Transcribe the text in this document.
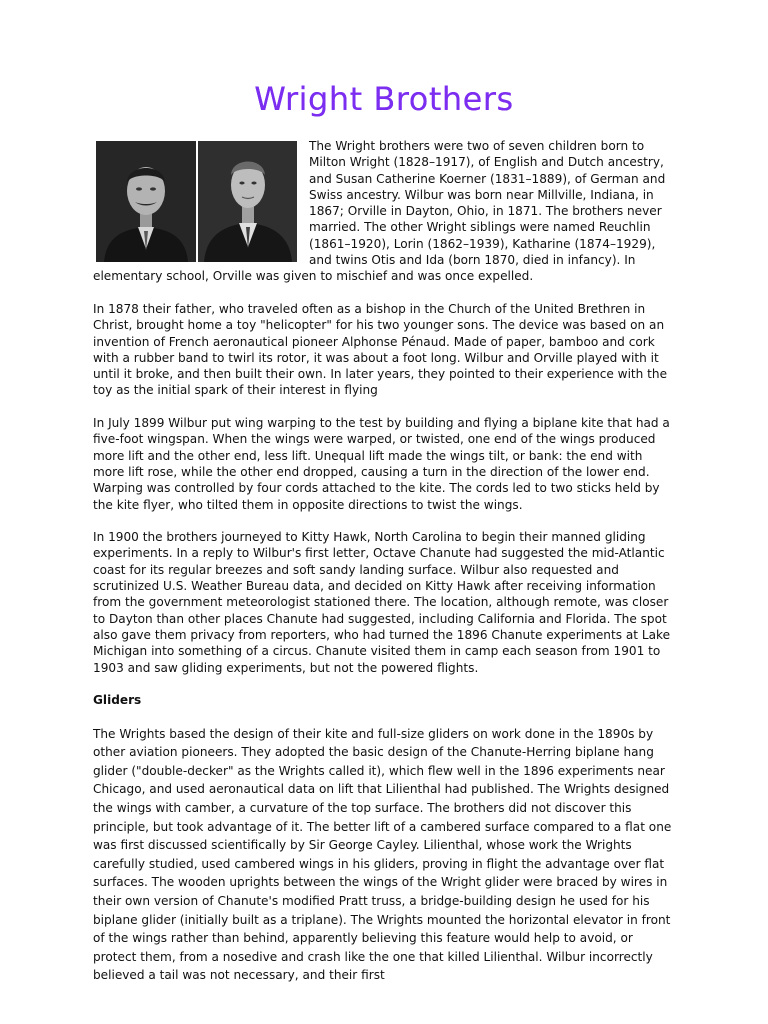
Wright Brothers

The Wright brothers were two of seven children born to Milton Wright (1828–1917), of English and Dutch ancestry, and Susan Catherine Koerner (1831–1889), of German and Swiss ancestry. Wilbur was born near Millville, Indiana, in 1867; Orville in Dayton, Ohio, in 1871. The brothers never married. The other Wright siblings were named Reuchlin (1861–1920), Lorin (1862–1939), Katharine (1874–1929), and twins Otis and Ida (born 1870, died in infancy). In elementary school, Orville was given to mischief and was once expelled.

In 1878 their father, who traveled often as a bishop in the Church of the United Brethren in Christ, brought home a toy "helicopter" for his two younger sons. The device was based on an invention of French aeronautical pioneer Alphonse Pénaud. Made of paper, bamboo and cork with a rubber band to twirl its rotor, it was about a foot long. Wilbur and Orville played with it until it broke, and then built their own. In later years, they pointed to their experience with the toy as the initial spark of their interest in flying

In July 1899 Wilbur put wing warping to the test by building and flying a biplane kite that had a five-foot wingspan. When the wings were warped, or twisted, one end of the wings produced more lift and the other end, less lift. Unequal lift made the wings tilt, or bank: the end with more lift rose, while the other end dropped, causing a turn in the direction of the lower end. Warping was controlled by four cords attached to the kite. The cords led to two sticks held by the kite flyer, who tilted them in opposite directions to twist the wings.

In 1900 the brothers journeyed to Kitty Hawk, North Carolina to begin their manned gliding experiments. In a reply to Wilbur's first letter, Octave Chanute had suggested the mid-Atlantic coast for its regular breezes and soft sandy landing surface. Wilbur also requested and scrutinized U.S. Weather Bureau data, and decided on Kitty Hawk after receiving information from the government meteorologist stationed there. The location, although remote, was closer to Dayton than other places Chanute had suggested, including California and Florida. The spot also gave them privacy from reporters, who had turned the 1896 Chanute experiments at Lake Michigan into something of a circus. Chanute visited them in camp each season from 1901 to 1903 and saw gliding experiments, but not the powered flights.

Gliders

The Wrights based the design of their kite and full-size gliders on work done in the 1890s by other aviation pioneers. They adopted the basic design of the Chanute-Herring biplane hang glider ("double-decker" as the Wrights called it), which flew well in the 1896 experiments near Chicago, and used aeronautical data on lift that Lilienthal had published. The Wrights designed the wings with camber, a curvature of the top surface. The brothers did not discover this principle, but took advantage of it. The better lift of a cambered surface compared to a flat one was first discussed scientifically by Sir George Cayley. Lilienthal, whose work the Wrights carefully studied, used cambered wings in his gliders, proving in flight the advantage over flat surfaces. The wooden uprights between the wings of the Wright glider were braced by wires in their own version of Chanute's modified Pratt truss, a bridge-building design he used for his biplane glider (initially built as a triplane). The Wrights mounted the horizontal elevator in front of the wings rather than behind, apparently believing this feature would help to avoid, or protect them, from a nosedive and crash like the one that killed Lilienthal. Wilbur incorrectly believed a tail was not necessary, and their first
